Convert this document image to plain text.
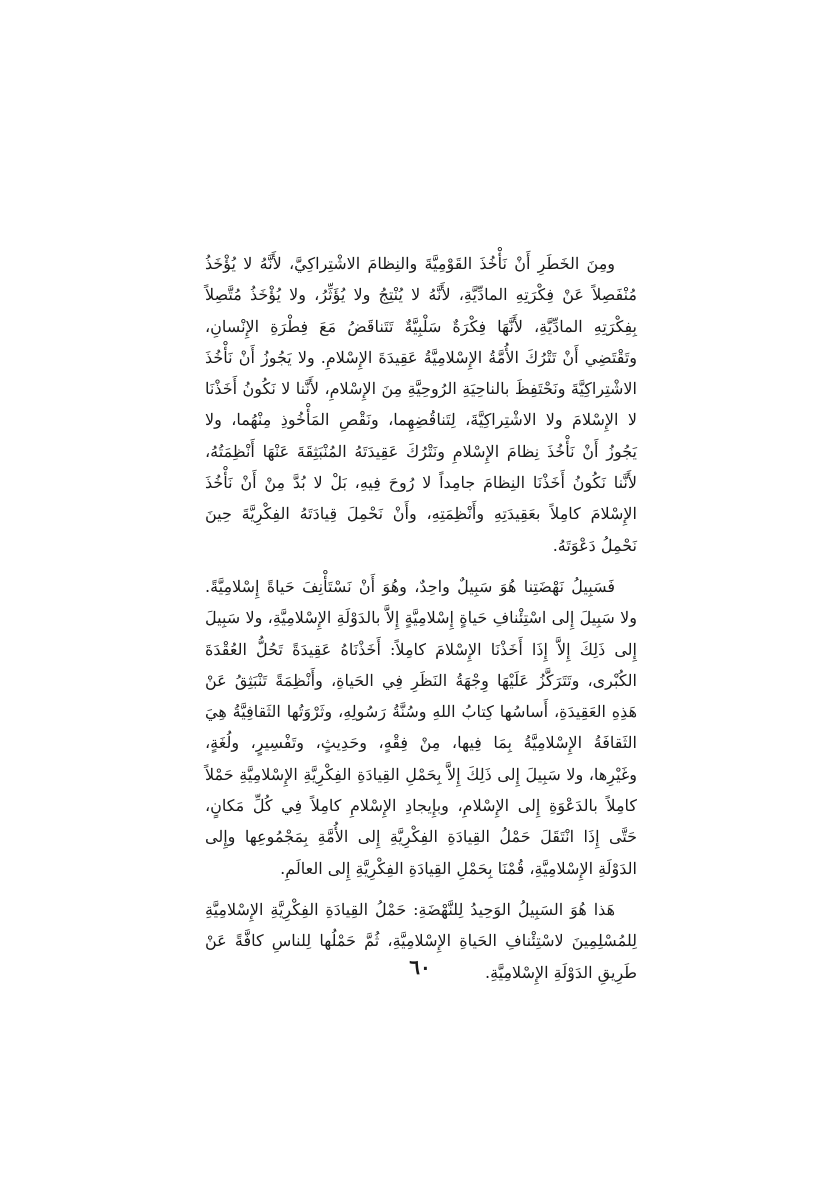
ومِنَ الخَطَرِ أَنْ نَأْخُذَ القَوْمِيَّةَ والنِظامَ الاشْتِراكِيَّ، لأَنَّهُ لا يُؤْخَذُ مُنْفَصِلاً عَنْ فِكْرَتِهِ المادِّيَّةِ، لأَنَّهُ لا يُنْتِجُ ولا يُؤَثِّرُ، ولا يُؤْخَذُ مُتَّصِلاً بِفِكْرَتِهِ المادِّيَّةِ، لأَنَّهَا فِكْرَةٌ سَلْبِيَّةٌ تَتَناقَضُ مَعَ فِطْرَةِ الإِنْسانِ، وتَقْتَضِي أَنْ تَتْرُكَ الأُمَّةُ الإِسْلامِيَّةُ عَقِيدَةَ الإِسْلامِ. ولا يَجُوزُ أَنْ نَأْخُذَ الاشْتِراكِيَّةَ ونَحْتَفِظَ بالناحِيَةِ الرُوحِيَّةِ مِنَ الإِسْلامِ، لأَنَّنا لا نَكُونُ أَخَذْنَا لا الإِسْلامَ ولا الاشْتِراكِيَّةَ، لِتَناقُضِهِما، ونَقْصِ المَأْخُوذِ مِنْهُما، ولا يَجُوزُ أَنْ نَأْخُذَ نِظامَ الإِسْلامِ ونَتْرُكَ عَقِيدَتَهُ المُنْبَثِقَةَ عَنْهَا أَنْظِمَتُهُ، لأَنَّنا نَكُونُ أَخَذْنَا النِظامَ جامِداً لا رُوحَ فِيهِ، بَلْ لا بُدَّ مِنْ أَنْ نَأْخُذَ الإِسْلامَ كامِلاً بعَقِيدَتِهِ وأَنْظِمَتِهِ، وأَنْ نَحْمِلَ قِيادَتَهُ الفِكْرِيَّةَ حِينَ نَحْمِلُ دَعْوَتَهُ.

فَسَبِيلُ نَهْضَتِنا هُوَ سَبِيلٌ واحِدٌ، وهُوَ أَنْ نَسْتَأْنِفَ حَياةً إِسْلامِيَّةً. ولا سَبِيلَ إِلى اسْتِئْنافِ حَياةٍ إِسْلامِيَّةٍ إِلاَّ بالدَوْلَةِ الإِسْلامِيَّةِ، ولا سَبِيلَ إِلى ذَلِكَ إِلاَّ إِذَا أَخَذْنَا الإِسْلامَ كامِلاً: أَخَذْنَاهُ عَقِيدَةً تَحُلُّ العُقْدَةَ الكُبْرى، وتَتَرَكَّزُ عَلَيْهَا وِجْهَةُ النَظَرِ فِي الحَياةِ، وأَنْظِمَةً تَنْبَثِقُ عَنْ هَذِهِ العَقِيدَةِ، أَساسُها كِتابُ اللهِ وسُنَّةُ رَسُولِهِ، وثَرْوَتُها الثَقافِيَّةُ هِيَ الثَقافَةُ الإِسْلامِيَّةُ بِمَا فِيها، مِنْ فِقْهٍ، وحَدِيثٍ، وتَفْسِيرٍ، ولُغَةٍ، وغَيْرِها، ولا سَبِيلَ إِلى ذَلِكَ إِلاَّ بِحَمْلِ القِيادَةِ الفِكْرِيَّةِ الإِسْلامِيَّةِ حَمْلاً كامِلاً بالدَعْوَةِ إِلى الإِسْلامِ، وبإِيجادِ الإِسْلامِ كامِلاً فِي كُلِّ مَكانٍ، حَتَّى إِذَا انْتَقَلَ حَمْلُ القِيادَةِ الفِكْرِيَّةِ إِلى الأُمَّةِ بِمَجْمُوعِها وإِلى الدَوْلَةِ الإِسْلامِيَّةِ، قُمْنَا بِحَمْلِ القِيادَةِ الفِكْرِيَّةِ إِلى العالَمِ.

هَذا هُوَ السَبِيلُ الوَحِيدُ لِلنَّهْضَةِ: حَمْلُ القِيادَةِ الفِكْرِيَّةِ الإِسْلامِيَّةِ لِلمُسْلِمِينَ لاسْتِئْنافِ الحَياةِ الإِسْلامِيَّةِ، ثُمَّ حَمْلُها لِلناسِ كافَّةً عَنْ طَرِيقِ الدَوْلَةِ الإِسْلامِيَّةِ.

٦٠
